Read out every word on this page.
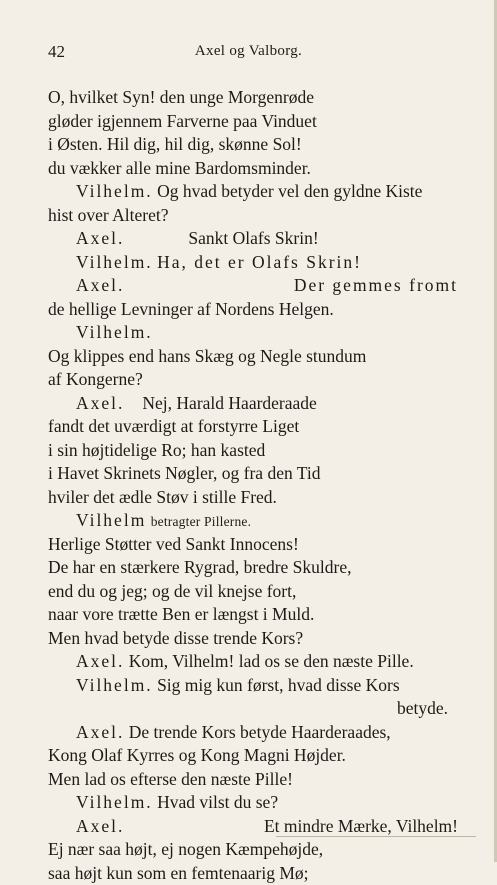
42	Axel og Valborg.
O, hvilket Syn! den unge Morgenrøde
gløder igjennem Farverne paa Vinduet
i Østen. Hil dig, hil dig, skønne Sol!
du vækker alle mine Bardomsminder.
Vilhelm. Og hvad betyder vel den gyldne Kiste
hist over Alteret?
Axel.	Sankt Olafs Skrin!
Vilhelm. Ha, det er Olafs Skrin!
Axel.	Der gemmes fromt
de hellige Levninger af Nordens Helgen.
Vilhelm.
Og klippes end hans Skæg og Negle stundum
af Kongerne?
Axel. Nej, Harald Haarderaade
fandt det uværdigt at forstyrre Liget
i sin højtidelige Ro; han kasted
i Havet Skrinets Nøgler, og fra den Tid
hviler det ædle Støv i stille Fred.
Vilhelm betragter Pillerne.
Herlige Støtter ved Sankt Innocens!
De har en stærkere Rygrad, bredre Skuldre,
end du og jeg; og de vil knejse fort,
naar vore trætte Ben er længst i Muld.
Men hvad betyde disse trende Kors?
Axel. Kom, Vilhelm! lad os se den næste Pille.
Vilhelm. Sig mig kun først, hvad disse Kors
betyde.
Axel. De trende Kors betyde Haarderaades,
Kong Olaf Kyrres og Kong Magni Højder.
Men lad os efterse den næste Pille!
Vilhelm. Hvad vilst du se?
Axel.	Et mindre Mærke, Vilhelm!
Ej nær saa højt, ej nogen Kæmpehøjde,
saa højt kun som en femtenaarig Mø;
